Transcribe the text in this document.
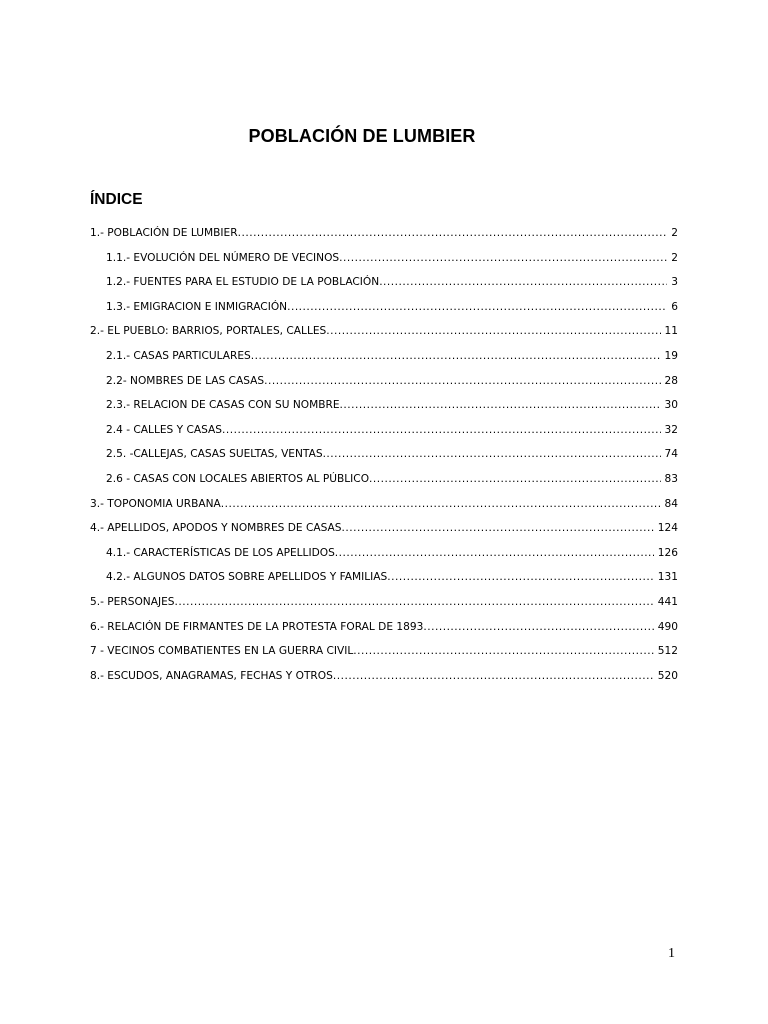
POBLACIÓN DE LUMBIER
ÍNDICE
1.- POBLACIÓN DE LUMBIER .....	2
1.1.- EVOLUCIÓN DEL NÚMERO DE VECINOS .....	2
1.2.- FUENTES PARA EL ESTUDIO DE LA POBLACIÓN .....	3
1.3.- EMIGRACION E INMIGRACIÓN .....	6
2.- EL PUEBLO: BARRIOS, PORTALES, CALLES .....	11
2.1.- CASAS PARTICULARES .....	19
2.2- NOMBRES DE LAS CASAS .....	28
2.3.- RELACION DE CASAS CON SU NOMBRE .....	30
2.4 - CALLES Y CASAS .....	32
2.5. -CALLEJAS, CASAS SUELTAS, VENTAS .....	74
2.6 - CASAS CON LOCALES ABIERTOS AL PÚBLICO .....	83
3.- TOPONOMIA URBANA .....	84
4.- APELLIDOS, APODOS Y NOMBRES DE CASAS .....	124
4.1.- CARACTERÍSTICAS DE LOS APELLIDOS .....	126
4.2.- ALGUNOS DATOS SOBRE APELLIDOS Y FAMILIAS .....	131
5.- PERSONAJES .....	441
6.- RELACIÓN DE FIRMANTES DE LA PROTESTA FORAL DE 1893 .....	490
7 - VECINOS COMBATIENTES EN LA GUERRA CIVIL .....	512
8.- ESCUDOS, ANAGRAMAS, FECHAS Y OTROS .....	520
1
